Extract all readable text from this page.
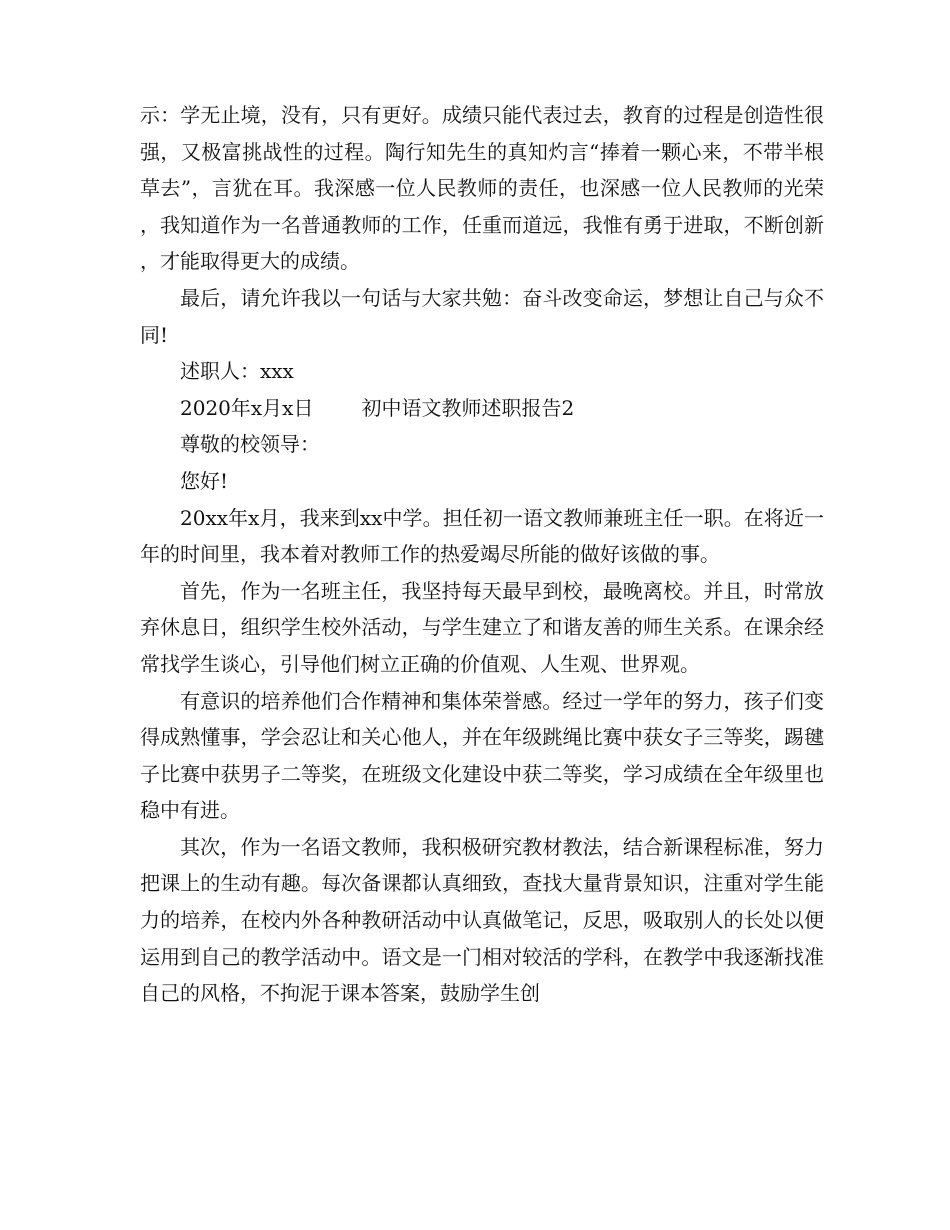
示：学无止境，没有，只有更好。成绩只能代表过去，教育的过程是创造性很强，又极富挑战性的过程。陶行知先生的真知灼言“捧着一颗心来，不带半根草去”，言犹在耳。我深感一位人民教师的责任，也深感一位人民教师的光荣，我知道作为一名普通教师的工作，任重而道远，我惟有勇于进取，不断创新，才能取得更大的成绩。

最后，请允许我以一句话与大家共勉：奋斗改变命运，梦想让自己与众不同!

述职人：xxx

2020年x月x日 初中语文教师述职报告2

尊敬的校领导：

您好!

20xx年x月，我来到xx中学。担任初一语文教师兼班主任一职。在将近一年的时间里，我本着对教师工作的热爱竭尽所能的做好该做的事。

首先，作为一名班主任，我坚持每天最早到校，最晚离校。并且，时常放弃休息日，组织学生校外活动，与学生建立了和谐友善的师生关系。在课余经常找学生谈心，引导他们树立正确的价值观、人生观、世界观。

有意识的培养他们合作精神和集体荣誉感。经过一学年的努力，孩子们变得成熟懂事，学会忍让和关心他人，并在年级跳绳比赛中获女子三等奖，踢毽子比赛中获男子二等奖，在班级文化建设中获二等奖，学习成绩在全年级里也稳中有进。

其次，作为一名语文教师，我积极研究教材教法，结合新课程标准，努力把课上的生动有趣。每次备课都认真细致，查找大量背景知识，注重对学生能力的培养，在校内外各种教研活动中认真做笔记，反思，吸取别人的长处以便运用到自己的教学活动中。语文是一门相对较活的学科，在教学中我逐渐找准自己的风格，不拘泥于课本答案，鼓励学生创
